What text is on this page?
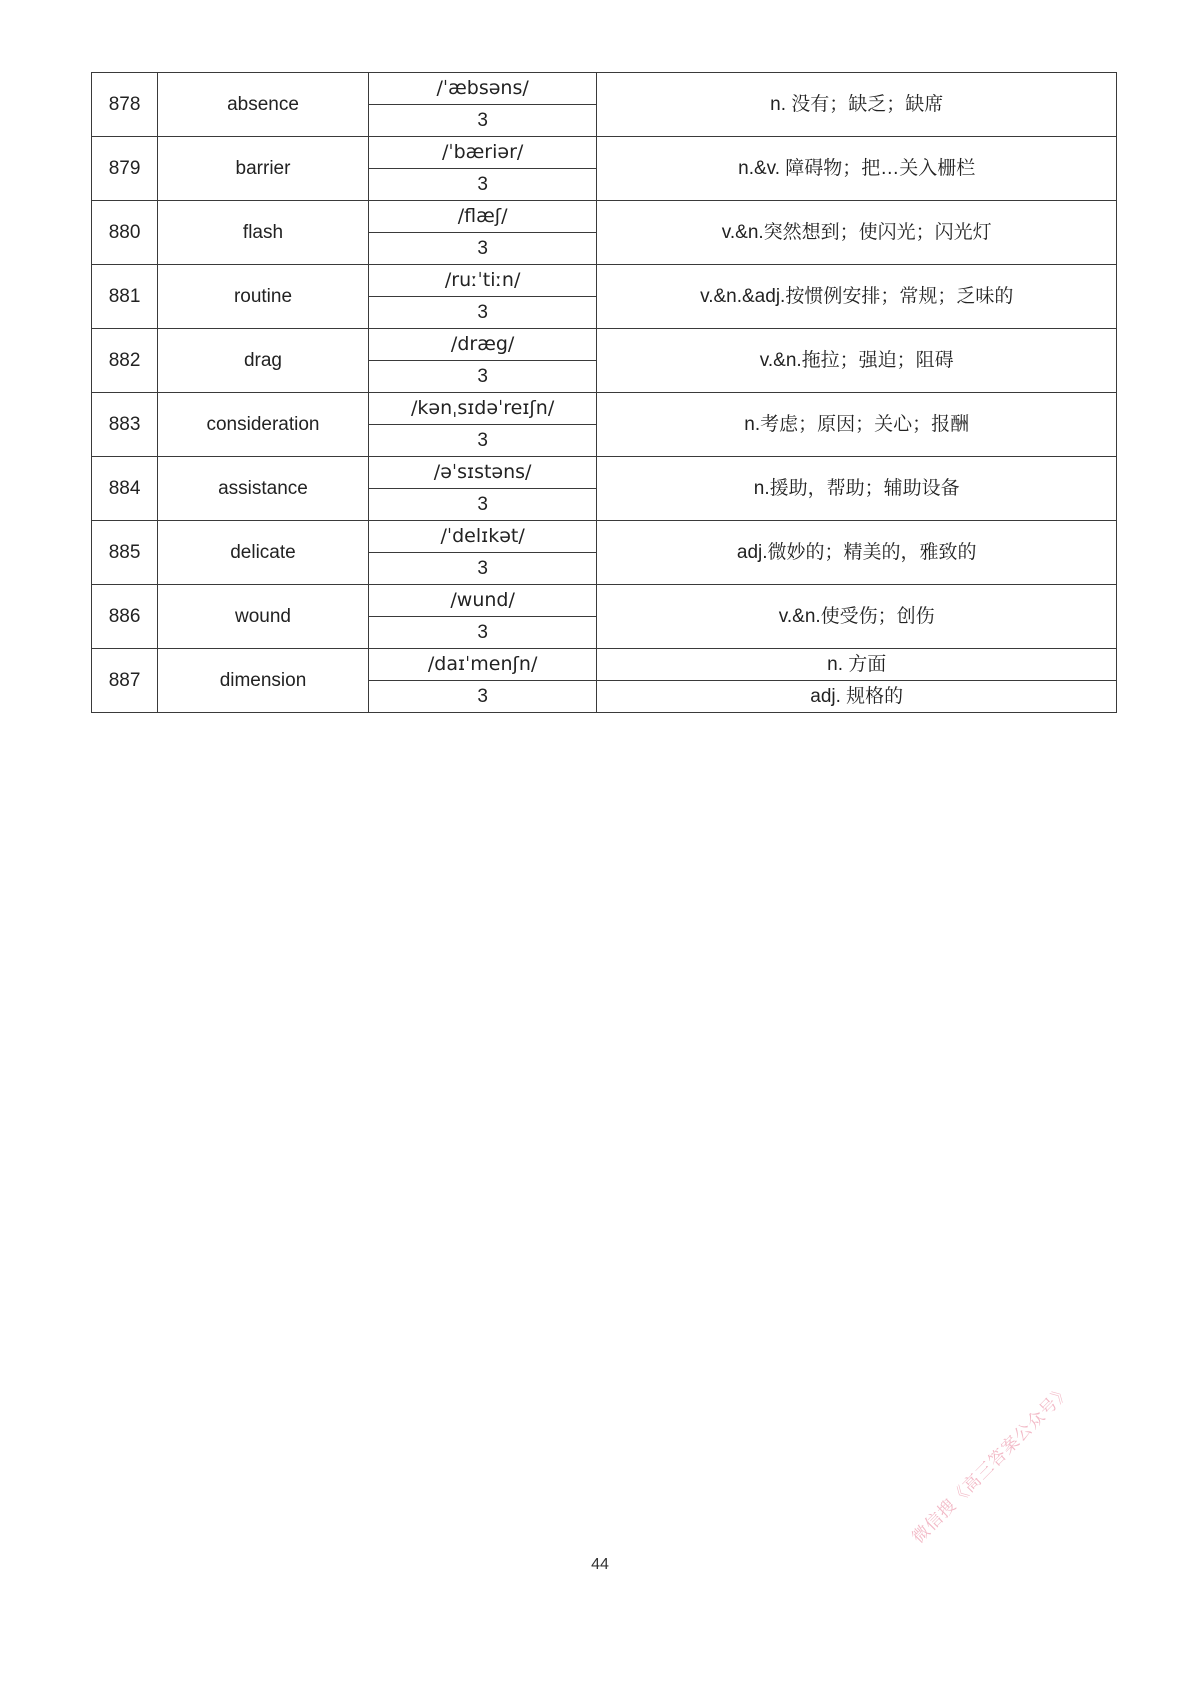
878	absence	/ˈæbsəns/	n. 没有；缺乏；缺席
		3	
879	barrier	/ˈbæriər/	n.&v. 障碍物；把…关入栅栏
		3	
880	flash	/flæʃ/	v.&n.突然想到；使闪光；闪光灯
		3	
881	routine	/ruːˈtiːn/	v.&n.&adj.按惯例安排；常规；乏味的
		3	
882	drag	/dræg/	v.&n.拖拉；强迫；阻碍
		3	
883	consideration	/kənˌsɪdəˈreɪʃn/	n.考虑；原因；关心；报酬
		3	
884	assistance	/əˈsɪstəns/	n.援助，帮助；辅助设备
		3	
885	delicate	/ˈdelɪkət/	adj.微妙的；精美的，雅致的
		3	
886	wound	/wund/	v.&n.使受伤；创伤
		3	
887	dimension	/daɪˈmenʃn/	n. 方面
		3	adj. 规格的
44
微信搜《高三答案公众号》
